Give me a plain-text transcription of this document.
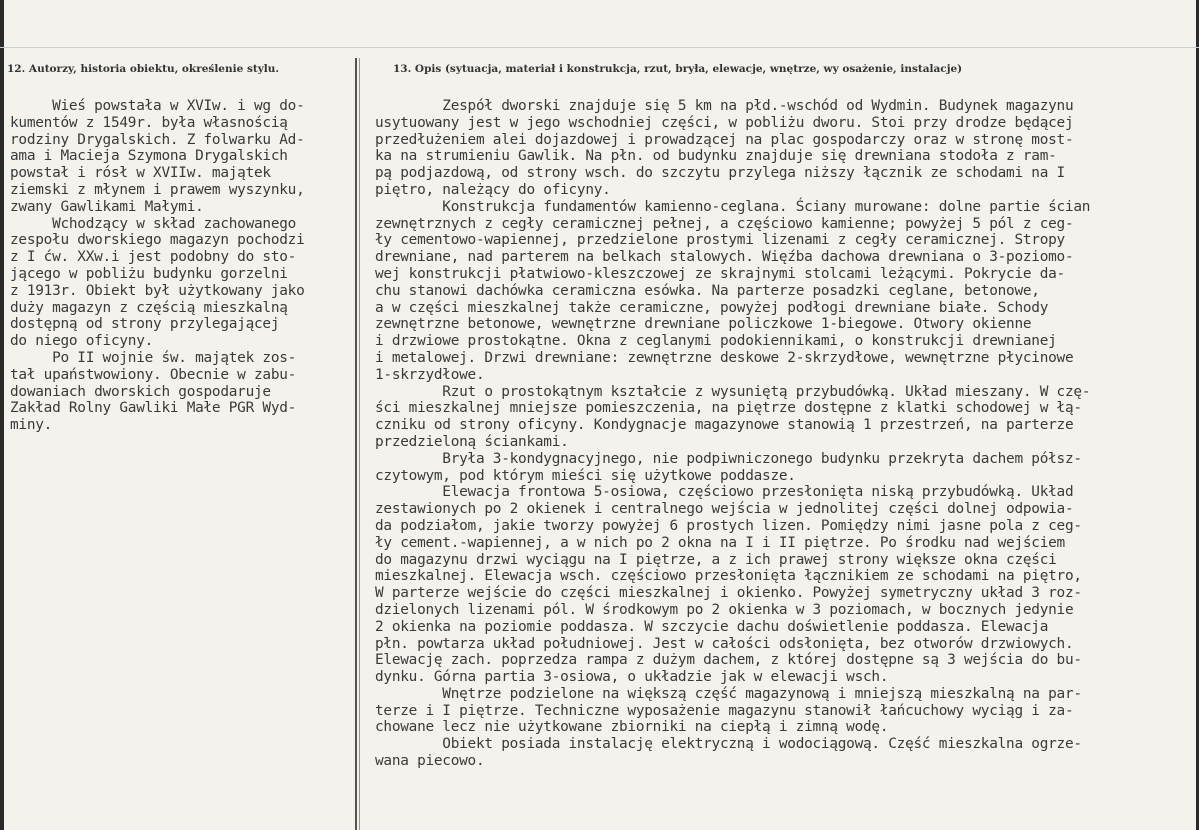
12. Autorzy, historia obiektu, określenie stylu.	13. Opis (sytuacja, materiał i konstrukcja, rzut, bryła, elewacje, wnętrze, wy osażenie, instalacje)
Wieś powstała w XVIw. i wg do-
kumentów z 1549r. była własnością
rodziny Drygalskich. Z folwarku Ad-
ama i Macieja Szymona Drygalskich
powstał i rósł w XVIIw. majątek
ziemski z młynem i prawem wyszynku,
zwany Gawlikami Małymi.
Wchodzący w skład zachowanego
zespołu dworskiego magazyn pochodzi
z I ćw. XXw.i jest podobny do sto-
jącego w pobliżu budynku gorzelni
z 1913r. Obiekt był użytkowany jako
duży magazyn z częścią mieszkalną
dostępną od strony przylegającej
do niego oficyny.
Po II wojnie św. majątek zos-
tał upaństwowiony. Obecnie w zabu-
dowaniach dworskich gospodaruje
Zakład Rolny Gawliki Małe PGR Wyd-
miny.
Zespół dworski znajduje się 5 km na płd.-wschód od Wydmin. Budynek magazynu
usytuowany jest w jego wschodniej części, w pobliżu dworu. Stoi przy drodze będącej
przedłużeniem alei dojazdowej i prowadzącej na plac gospodarczy oraz w stronę most-
ka na strumieniu Gawlik. Na płn. od budynku znajduje się drewniana stodoła z ram-
pą podjazdową, od strony wsch. do szczytu przylega niższy łącznik ze schodami na I
piętro, należący do oficyny.
Konstrukcja fundamentów kamienno-ceglana. Ściany murowane: dolne partie ścian
zewnętrznych z cegły ceramicznej pełnej, a częściowo kamienne; powyżej 5 pól z ceg-
ły cementowo-wapiennej, przedzielone prostymi lizenami z cegły ceramicznej. Stropy
drewniane, nad parterem na belkach stalowych. Więźba dachowa drewniana o 3-poziomo-
wej konstrukcji płatwiowo-kleszczowej ze skrajnymi stolcami leżącymi. Pokrycie da-
chu stanowi dachówka ceramiczna esówka. Na parterze posadzki ceglane, betonowe,
a w części mieszkalnej także ceramiczne, powyżej podłogi drewniane białe. Schody
zewnętrzne betonowe, wewnętrzne drewniane policzkowe 1-biegowe. Otwory okienne
i drzwiowe prostokątne. Okna z ceglanymi podokiennikami, o konstrukcji drewnianej
i metalowej. Drzwi drewniane: zewnętrzne deskowe 2-skrzydłowe, wewnętrzne płycinowe
1-skrzydłowe.
Rzut o prostokątnym kształcie z wysuniętą przybudówką. Układ mieszany. W czę-
ści mieszkalnej mniejsze pomieszczenia, na piętrze dostępne z klatki schodowej w łą-
czniku od strony oficyny. Kondygnacje magazynowe stanowią 1 przestrzeń, na parterze
przedzieloną ściankami.
Bryła 3-kondygnacyjnego, nie podpiwniczonego budynku przekryta dachem półsz-
czytowym, pod którym mieści się użytkowe poddasze.
Elewacja frontowa 5-osiowa, częściowo przesłonięta niską przybudówką. Układ
zestawionych po 2 okienek i centralnego wejścia w jednolitej części dolnej odpowia-
da podziałom, jakie tworzy powyżej 6 prostych lizen. Pomiędzy nimi jasne pola z ceg-
ły cement.-wapiennej, a w nich po 2 okna na I i II piętrze. Po środku nad wejściem
do magazynu drzwi wyciągu na I piętrze, a z ich prawej strony większe okna części
mieszkalnej. Elewacja wsch. częściowo przesłonięta łącznikiem ze schodami na piętro,
W parterze wejście do części mieszkalnej i okienko. Powyżej symetryczny układ 3 roz-
dzielonych lizenami pól. W środkowym po 2 okienka w 3 poziomach, w bocznych jedynie
2 okienka na poziomie poddasza. W szczycie dachu doświetlenie poddasza. Elewacja
płn. powtarza układ południowej. Jest w całości odsłonięta, bez otworów drzwiowych.
Elewację zach. poprzedza rampa z dużym dachem, z której dostępne są 3 wejścia do bu-
dynku. Górna partia 3-osiowa, o układzie jak w elewacji wsch.
Wnętrze podzielone na większą część magazynową i mniejszą mieszkalną na par-
terze i I piętrze. Techniczne wyposażenie magazynu stanowił łańcuchowy wyciąg i za-
chowane lecz nie użytkowane zbiorniki na ciepłą i zimną wodę.
Obiekt posiada instalację elektryczną i wodociągową. Część mieszkalna ogrze-
wana piecowo.
